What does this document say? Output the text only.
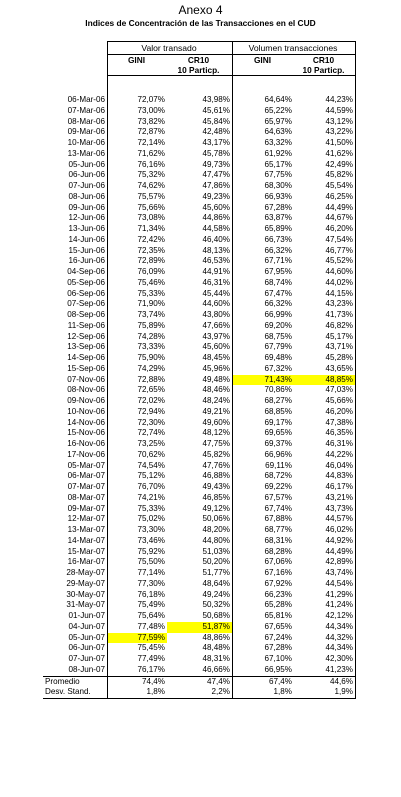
Anexo 4
Indices de Concentración de las Transacciones en el CUD
	Valor transado		Volumen transacciones	
	GINI	CR10	GINI	CR10
		10 Particp.		10 Particp.

06-Mar-06	72,07%	43,98%	64,64%	44,23%
07-Mar-06	73,00%	45,61%	65,22%	44,59%
08-Mar-06	73,82%	45,84%	65,97%	43,12%
09-Mar-06	72,87%	42,48%	64,63%	43,22%
10-Mar-06	72,14%	43,17%	63,32%	41,50%
13-Mar-06	71,62%	45,78%	61,92%	41,62%
05-Jun-06	76,16%	49,73%	65,17%	42,49%
06-Jun-06	75,32%	47,47%	67,75%	45,82%
07-Jun-06	74,62%	47,86%	68,30%	45,54%
08-Jun-06	75,57%	49,23%	66,93%	46,25%
09-Jun-06	75,66%	45,60%	67,28%	44,49%
12-Jun-06	73,08%	44,86%	63,87%	44,67%
13-Jun-06	71,34%	44,58%	65,89%	46,20%
14-Jun-06	72,42%	46,40%	66,73%	47,54%
15-Jun-06	72,35%	48,13%	66,32%	46,77%
16-Jun-06	72,89%	46,53%	67,71%	45,52%
04-Sep-06	76,09%	44,91%	67,95%	44,60%
05-Sep-06	75,46%	46,31%	68,74%	44,02%
06-Sep-06	75,33%	45,44%	67,47%	44,15%
07-Sep-06	71,90%	44,60%	66,32%	43,23%
08-Sep-06	73,74%	43,80%	66,99%	41,73%
11-Sep-06	75,89%	47,66%	69,20%	46,82%
12-Sep-06	74,28%	43,97%	68,75%	45,17%
13-Sep-06	73,33%	45,60%	67,79%	43,71%
14-Sep-06	75,90%	48,45%	69,48%	45,28%
15-Sep-06	74,29%	45,96%	67,32%	43,65%
07-Nov-06	72,88%	49,48%	71,43%	48,85%
08-Nov-06	72,65%	48,46%	70,86%	47,03%
09-Nov-06	72,02%	48,24%	68,27%	45,66%
10-Nov-06	72,94%	49,21%	68,85%	46,20%
14-Nov-06	72,30%	49,60%	69,17%	47,38%
15-Nov-06	72,74%	48,12%	69,65%	46,35%
16-Nov-06	73,25%	47,75%	69,37%	46,31%
17-Nov-06	70,62%	45,82%	66,96%	44,22%
05-Mar-07	74,54%	47,76%	69,11%	46,04%
06-Mar-07	75,12%	46,88%	68,72%	44,83%
07-Mar-07	76,70%	49,43%	69,22%	46,17%
08-Mar-07	74,21%	46,85%	67,57%	43,21%
09-Mar-07	75,33%	49,12%	67,74%	43,73%
12-Mar-07	75,02%	50,06%	67,88%	44,57%
13-Mar-07	73,30%	48,20%	68,77%	46,02%
14-Mar-07	73,46%	44,80%	68,31%	44,92%
15-Mar-07	75,92%	51,03%	68,28%	44,49%
16-Mar-07	75,50%	50,20%	67,06%	42,89%
28-May-07	77,14%	51,77%	67,16%	43,74%
29-May-07	77,30%	48,64%	67,92%	44,54%
30-May-07	76,18%	49,24%	66,23%	41,29%
31-May-07	75,49%	50,32%	65,28%	41,24%
01-Jun-07	75,64%	50,68%	65,81%	42,12%
04-Jun-07	77,48%	51,87%	67,65%	44,34%
05-Jun-07	77,59%	48,86%	67,24%	44,32%
06-Jun-07	75,45%	48,48%	67,28%	44,34%
07-Jun-07	77,49%	48,31%	67,10%	42,30%
08-Jun-07	76,17%	46,66%	66,95%	41,23%
Promedio	74,4%	47,4%	67,4%	44,6%
Desv. Stand.	1,8%	2,2%	1,8%	1,9%
